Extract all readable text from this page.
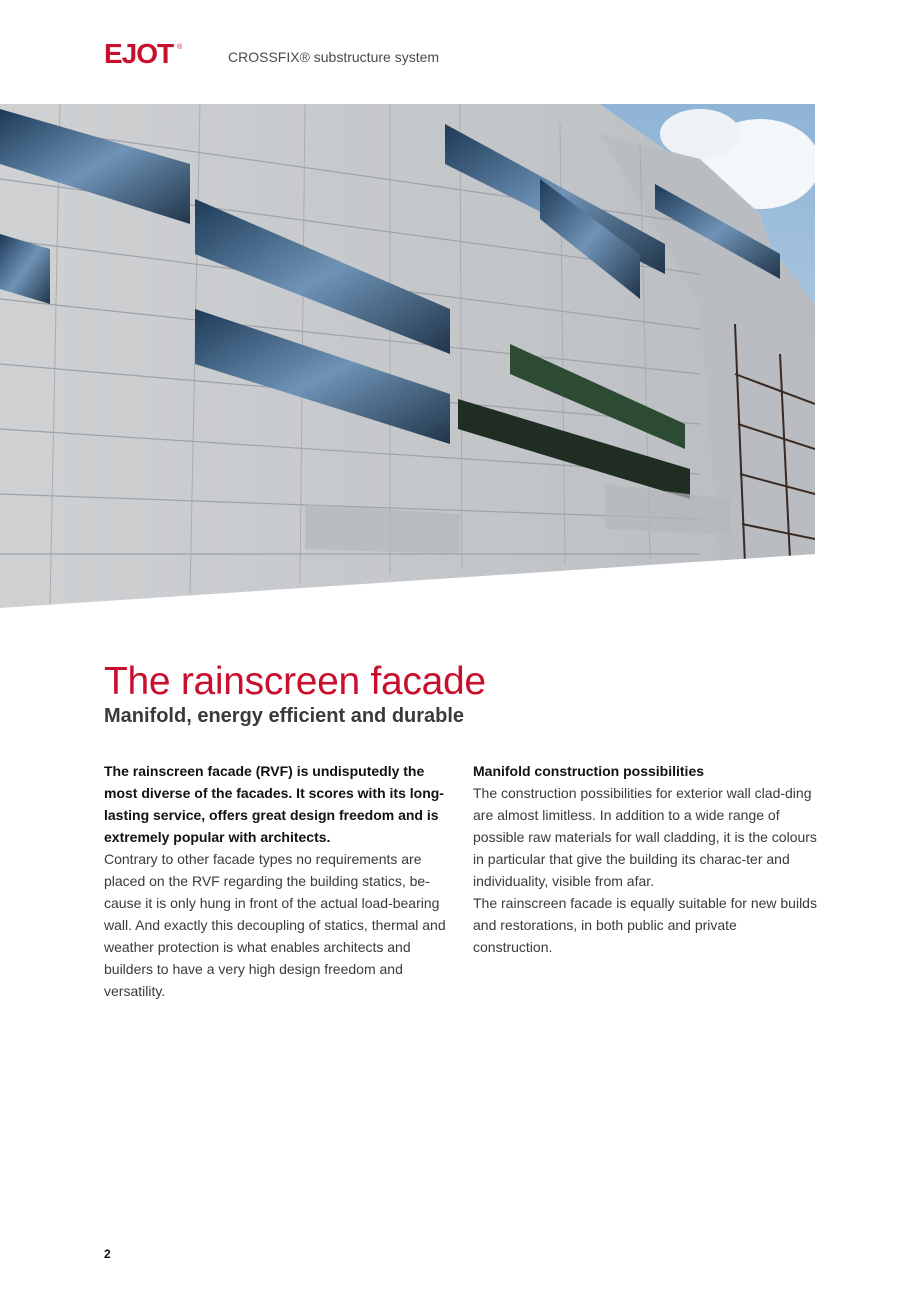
EJOT ®
CROSSFIX® substructure system
The rainscreen facade
Manifold, energy efficient and durable

The rainscreen facade (RVF) is undisputedly the most diverse of the facades. It scores with its long-lasting service, offers great design freedom and is extremely popular with architects.

Contrary to other facade types no requirements are placed on the RVF regarding the building statics, be-cause it is only hung in front of the actual load-bearing wall. And exactly this decoupling of statics, thermal and weather protection is what enables architects and builders to have a very high design freedom and versatility.

Manifold construction possibilities

The construction possibilities for exterior wall clad-ding are almost limitless. In addition to a wide range of possible raw materials for wall cladding, it is the colours in particular that give the building its charac-ter and individuality, visible from afar.

The rainscreen facade is equally suitable for new builds and restorations, in both public and private construction.

2
